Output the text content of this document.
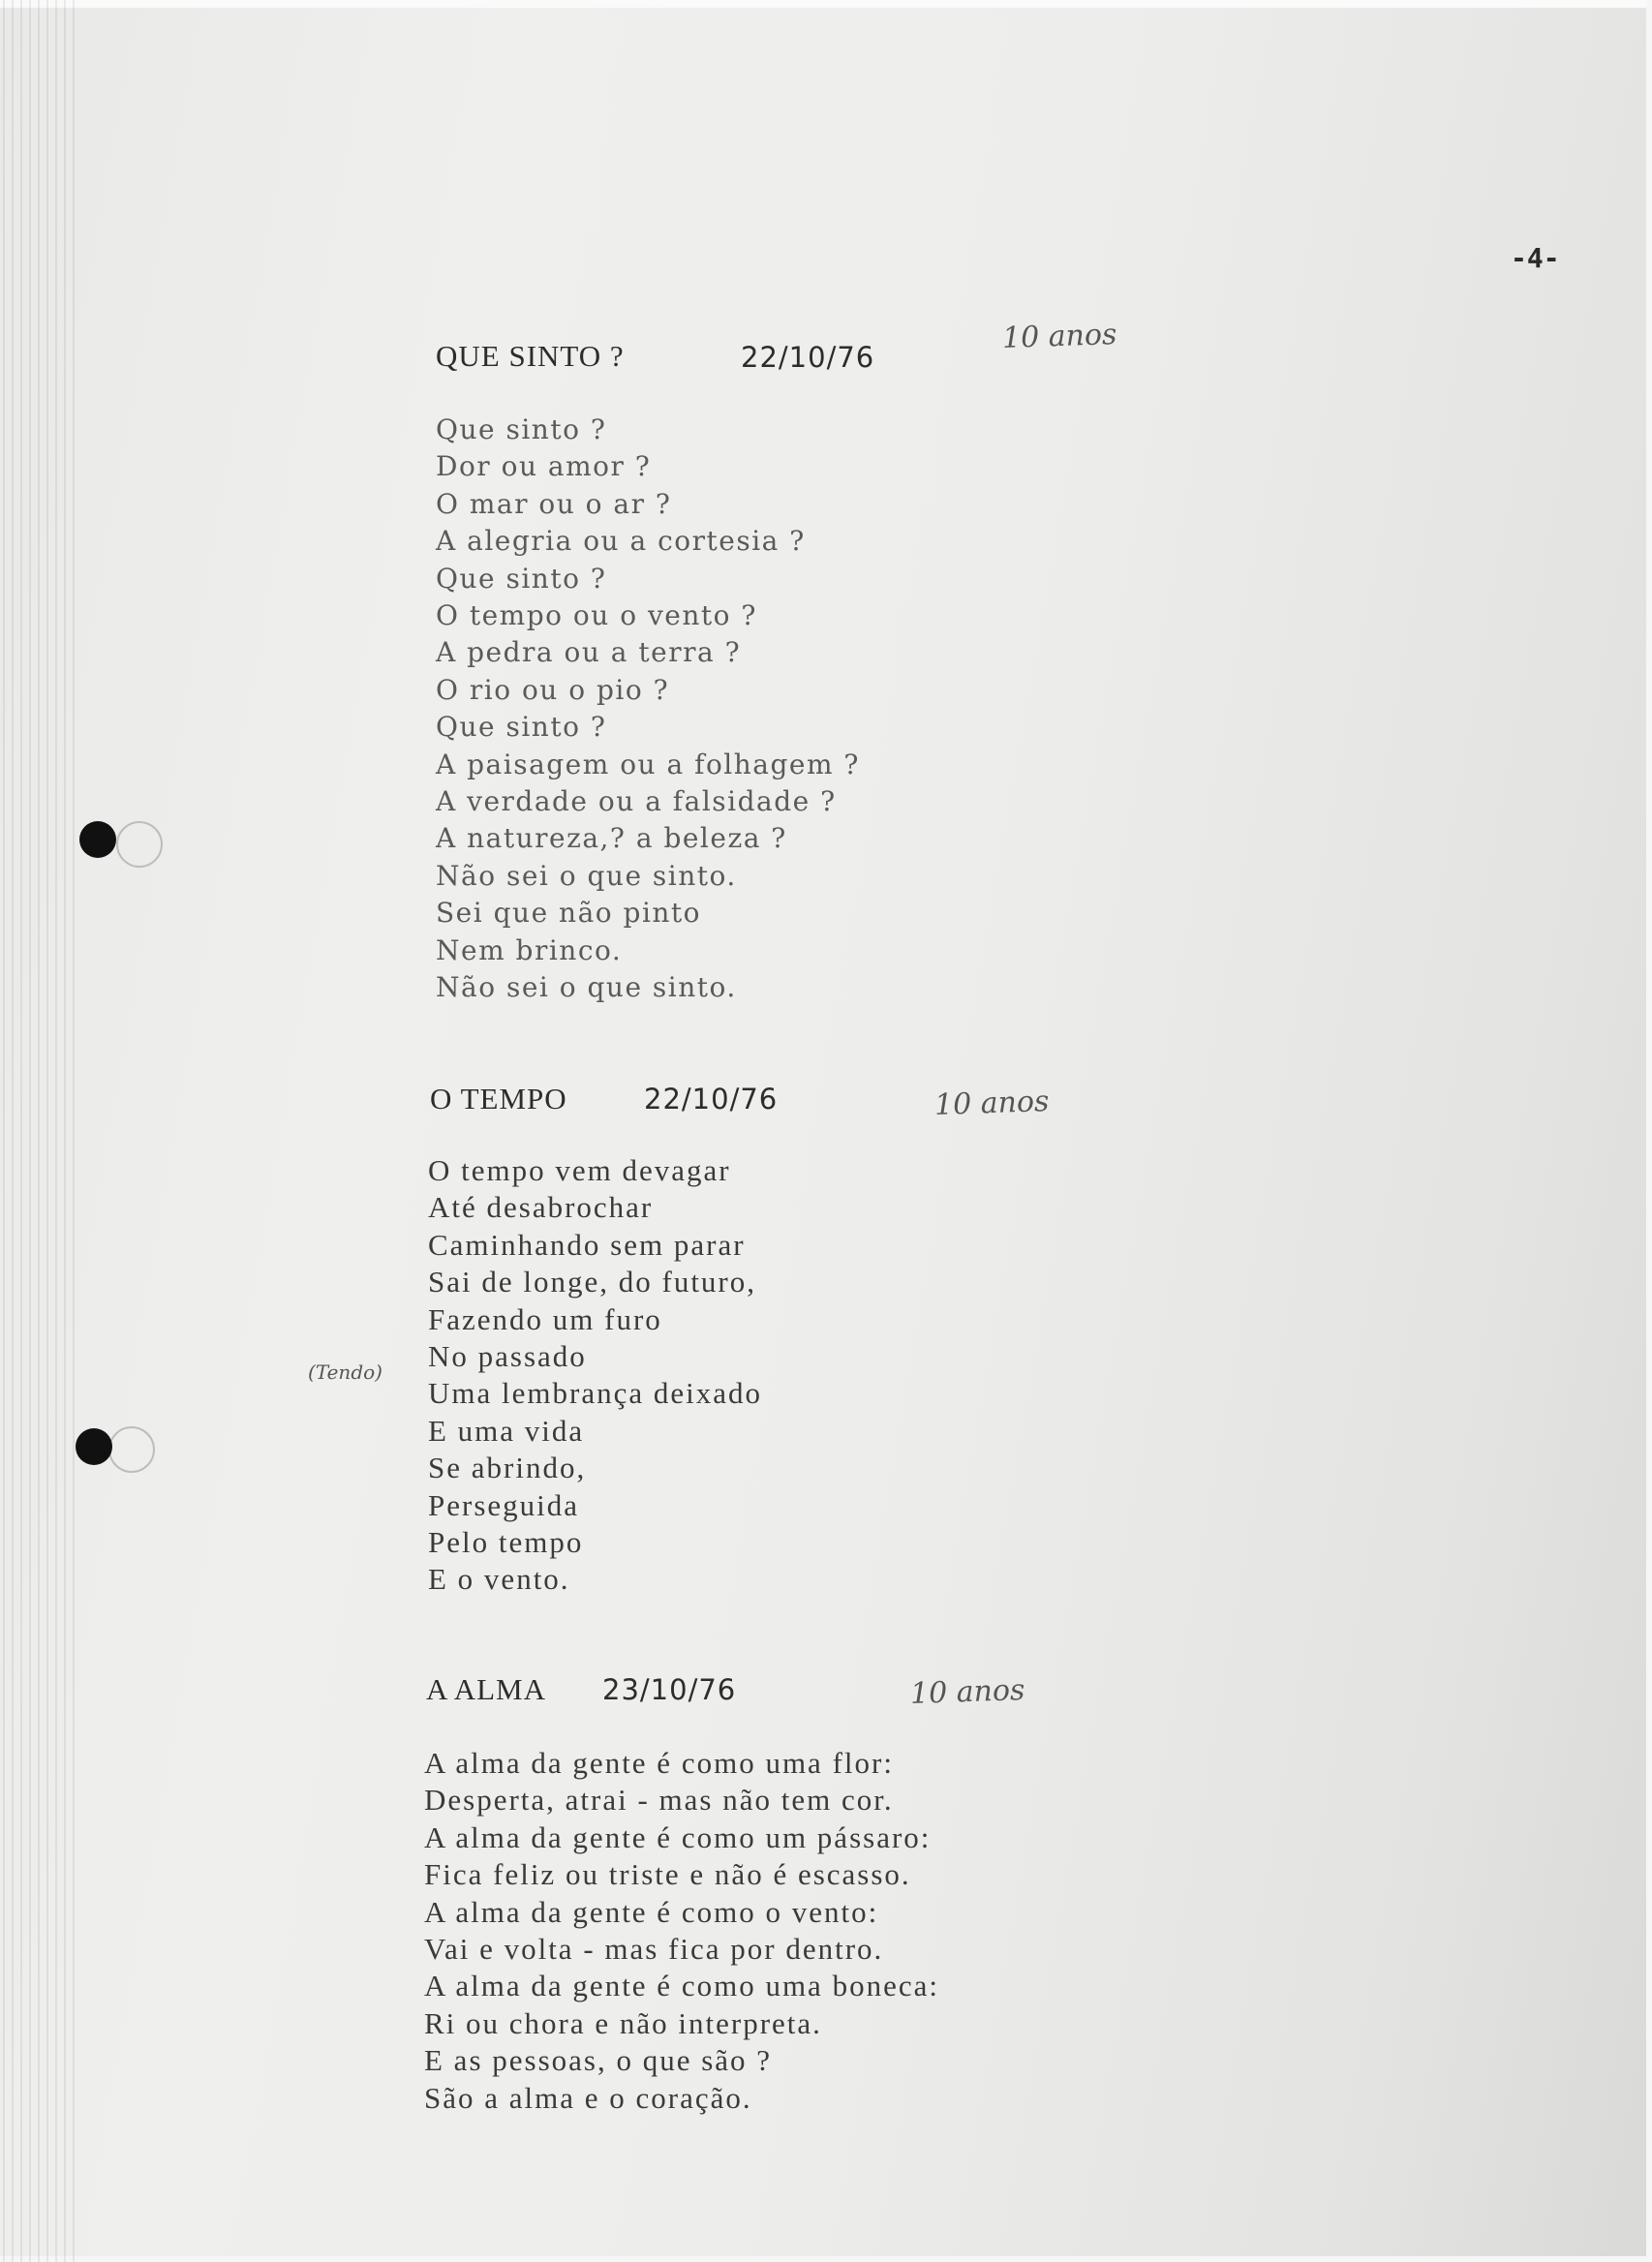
-4-
QUE SINTO ?	22/10/76
10 anos
Que sinto ?
Dor ou amor ?
O mar ou o ar ?
A alegria ou a cortesia ?
Que sinto ?
O tempo ou o vento ?
A pedra ou a terra ?
O rio ou o pio ?
Que sinto ?
A paisagem ou a folhagem ?
A verdade ou a falsidade ?
A natureza,? a beleza ?
Não sei o que sinto.
Sei que não pinto
Nem brinco.
Não sei o que sinto.
O TEMPO	22/10/76	10 anos
(Tendo)
O tempo vem devagar
Até desabrochar
Caminhando sem parar
Sai de longe, do futuro,
Fazendo um furo
No passado
Uma lembrança deixado
E uma vida
Se abrindo,
Perseguida
Pelo tempo
E o vento.
A ALMA 23/10/76	10 anos
A alma da gente é como uma flor:
Desperta, atrai - mas não tem cor.
A alma da gente é como um pássaro:
Fica feliz ou triste e não é escasso.
A alma da gente é como o vento:
Vai e volta - mas fica por dentro.
A alma da gente é como uma boneca:
Ri ou chora e não interpreta.
E as pessoas, o que são ?
São a alma e o coração.
